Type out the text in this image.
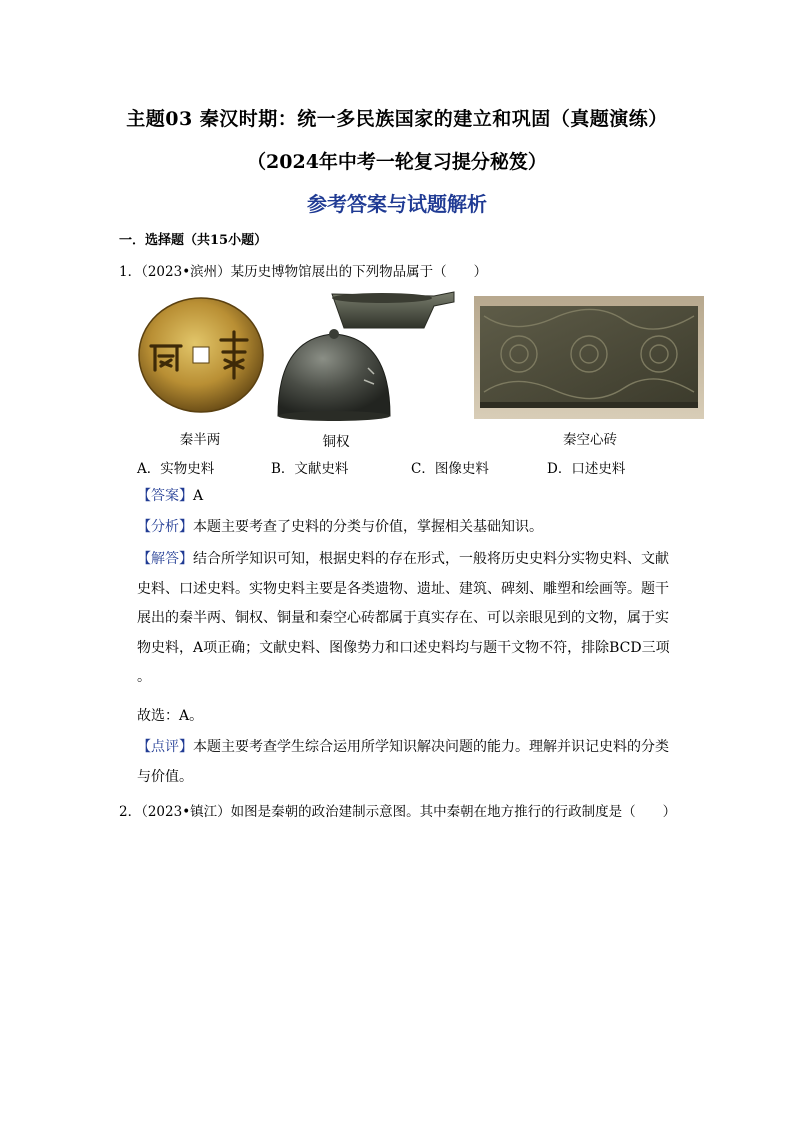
主题03 秦汉时期：统一多民族国家的建立和巩固（真题演练）
（2024年中考一轮复习提分秘笈）
参考答案与试题解析
一．选择题（共15小题）
1．（2023•滨州）某历史博物馆展出的下列物品属于（　　）
秦半两	铜权	秦空心砖
A．实物史料	B．文献史料	C．图像史料	D．口述史料
【答案】A
【分析】本题主要考查了史料的分类与价值，掌握相关基础知识。
【解答】结合所学知识可知，根据史料的存在形式，一般将历史史料分实物史料、文献
史料、口述史料。实物史料主要是各类遗物、遗址、建筑、碑刻、雕塑和绘画等。题干
展出的秦半两、铜权、铜量和秦空心砖都属于真实存在、可以亲眼见到的文物，属于实
物史料，A项正确；文献史料、图像势力和口述史料均与题干文物不符，排除BCD三项
。
故选：A。
【点评】本题主要考查学生综合运用所学知识解决问题的能力。理解并识记史料的分类
与价值。
2．（2023•镇江）如图是秦朝的政治建制示意图。其中秦朝在地方推行的行政制度是（　　）
